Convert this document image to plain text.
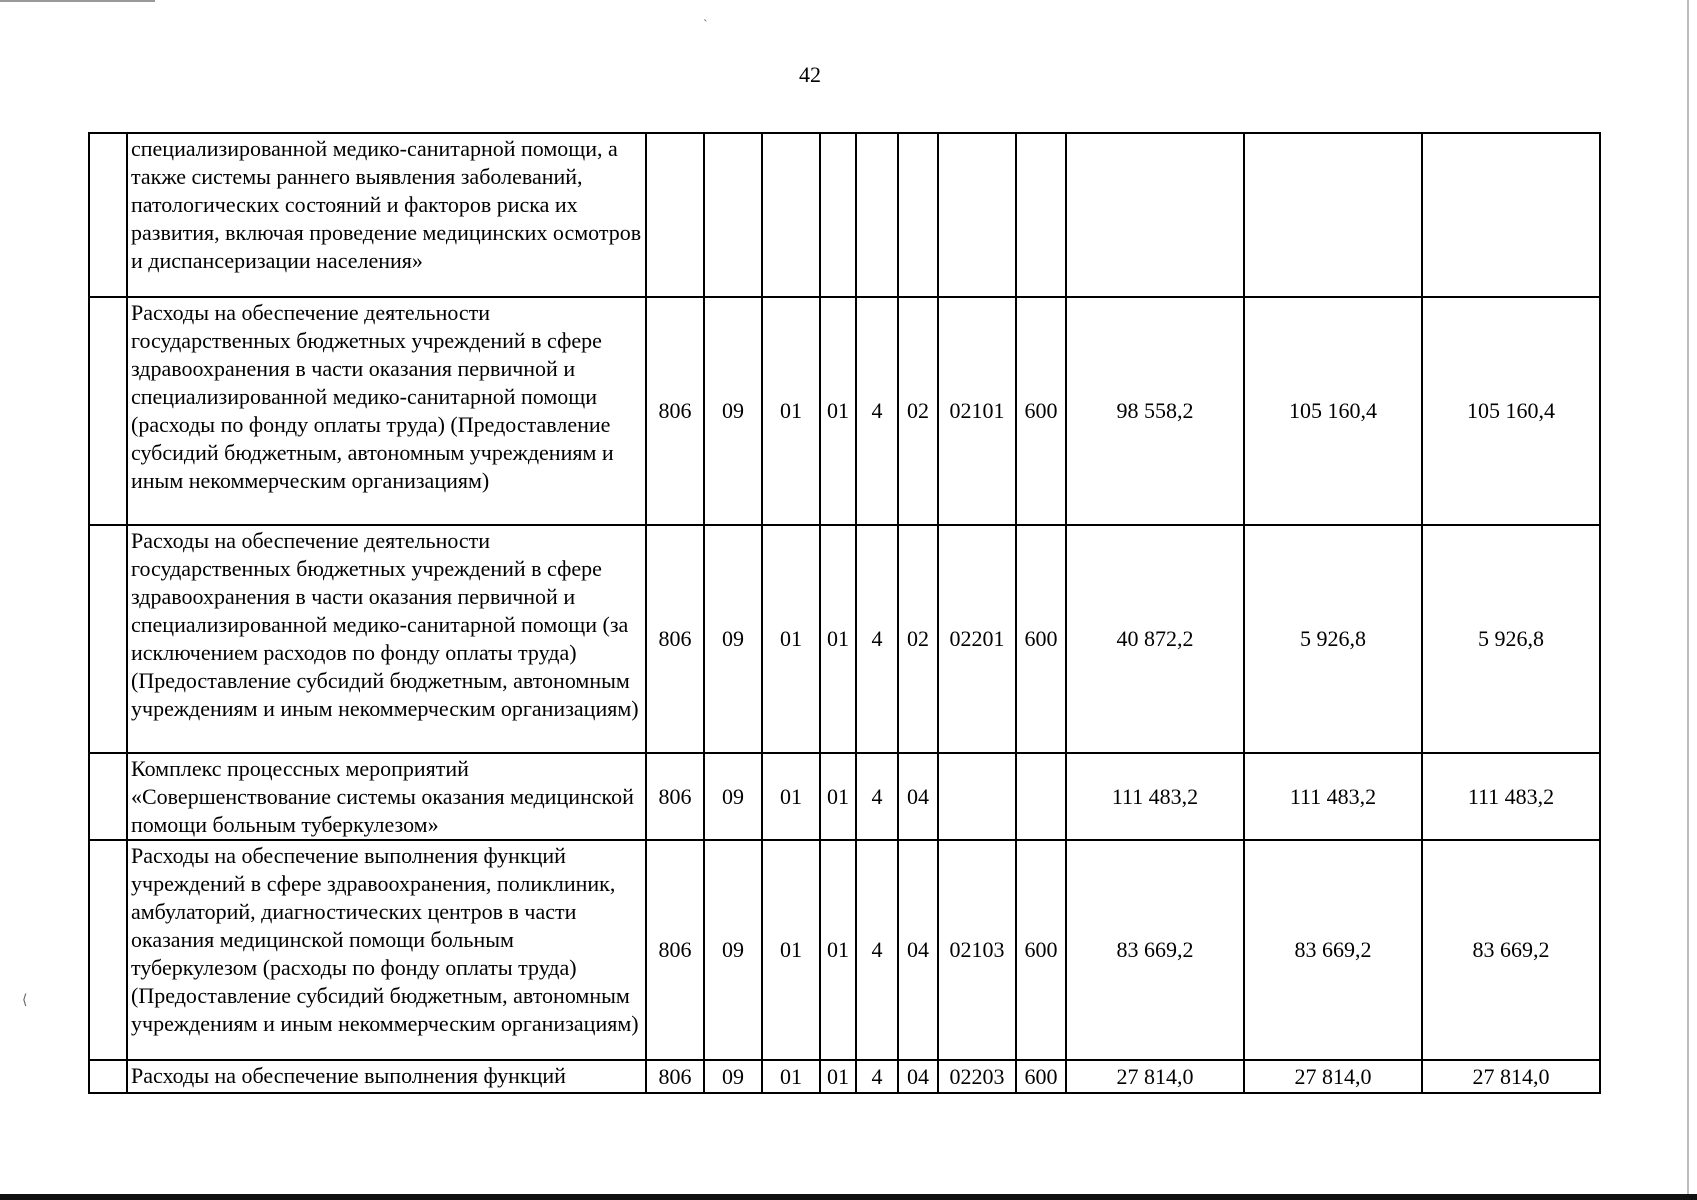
`
⟨
42
	специализированной медико-санитарной помощи, а также системы раннего выявления заболеваний, патологических состояний и факторов риска их развития, включая проведение медицинских осмотров и диспансеризации населения»											
	Расходы на обеспечение деятельности государственных бюджетных учреждений в сфере здравоохранения в части оказания первичной и специализированной медико-санитарной помощи (расходы по фонду оплаты труда) (Предоставление субсидий бюджетным, автономным учреждениям и иным некоммерческим организациям)	806	09	01	01	4	02	02101	600	98 558,2	105 160,4	105 160,4
	Расходы на обеспечение деятельности государственных бюджетных учреждений в сфере здравоохранения в части оказания первичной и специализированной медико-санитарной помощи (за исключением расходов по фонду оплаты труда) (Предоставление субсидий бюджетным, автономным учреждениям и иным некоммерческим организациям)	806	09	01	01	4	02	02201	600	40 872,2	5 926,8	5 926,8
	Комплекс процессных мероприятий «Совершенствование системы оказания медицинской помощи больным туберкулезом»	806	09	01	01	4	04			111 483,2	111 483,2	111 483,2
	Расходы на обеспечение выполнения функций учреждений в сфере здравоохранения, поликлиник, амбулаторий, диагностических центров в части оказания медицинской помощи больным туберкулезом (расходы по фонду оплаты труда) (Предоставление субсидий бюджетным, автономным учреждениям и иным некоммерческим организациям)	806	09	01	01	4	04	02103	600	83 669,2	83 669,2	83 669,2
	Расходы на обеспечение выполнения функций	806	09	01	01	4	04	02203	600	27 814,0	27 814,0	27 814,0
